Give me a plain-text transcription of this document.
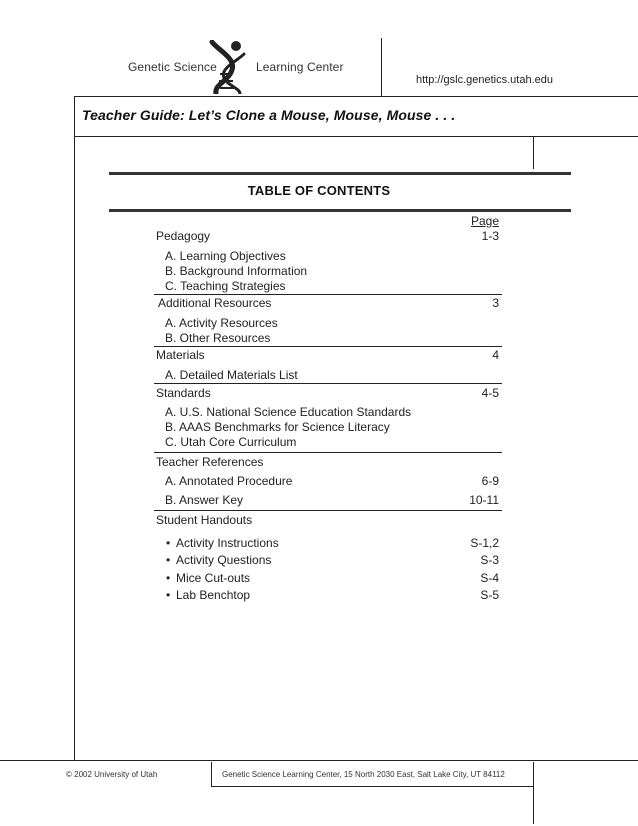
Genetic Science	Learning Center
http://gslc.genetics.utah.edu
Teacher Guide: Let’s Clone a Mouse, Mouse, Mouse . . .
TABLE OF CONTENTS
Page
Pedagogy	1-3
A. Learning Objectives
B. Background Information
C. Teaching Strategies
Additional Resources	3
A. Activity Resources
B. Other Resources
Materials	4
A. Detailed Materials List
Standards	4-5
A. U.S. National Science Education Standards
B. AAAS Benchmarks for Science Literacy
C. Utah Core Curriculum
Teacher References
A. Annotated Procedure	6-9
B. Answer Key	10-11
Student Handouts
• Activity Instructions	S-1,2
• Activity Questions	S-3
• Mice Cut-outs	S-4
• Lab Benchtop	S-5
© 2002 University of Utah	Genetic Science Learning Center, 15 North 2030 East, Salt Lake City, UT 84112
